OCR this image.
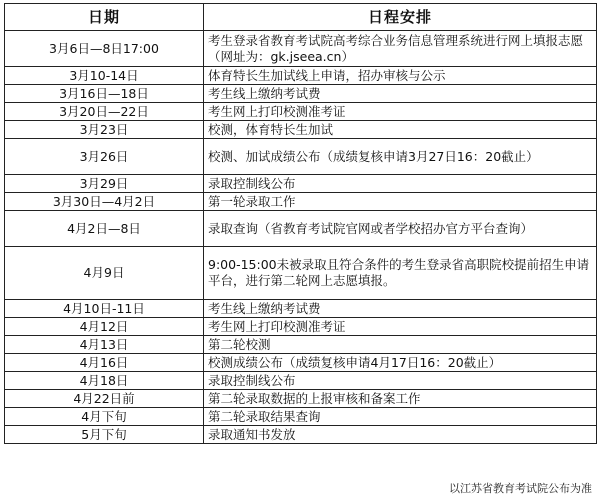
日期	日程安排
3月6日—8日17:00	考生登录省教育考试院高考综合业务信息管理系统进行网上填报志愿（网址为：gk.jseea.cn）
3月10-14日	体育特长生加试线上申请，招办审核与公示
3月16日—18日	考生线上缴纳考试费
3月20日—22日	考生网上打印校测准考证
3月23日	校测，体育特长生加试
3月26日	校测、加试成绩公布（成绩复核申请3月27日16：20截止）
3月29日	录取控制线公布
3月30日—4月2日	第一轮录取工作
4月2日—8日	录取查询（省教育考试院官网或者学校招办官方平台查询）
4月9日	9:00-15:00未被录取且符合条件的考生登录省高职院校提前招生申请平台，进行第二轮网上志愿填报。
4月10日-11日	考生线上缴纳考试费
4月12日	考生网上打印校测准考证
4月13日	第二轮校测
4月16日	校测成绩公布（成绩复核申请4月17日16：20截止）
4月18日	录取控制线公布
4月22日前	第二轮录取数据的上报审核和备案工作
4月下旬	第二轮录取结果查询
5月下旬	录取通知书发放
以江苏省教育考试院公布为准
